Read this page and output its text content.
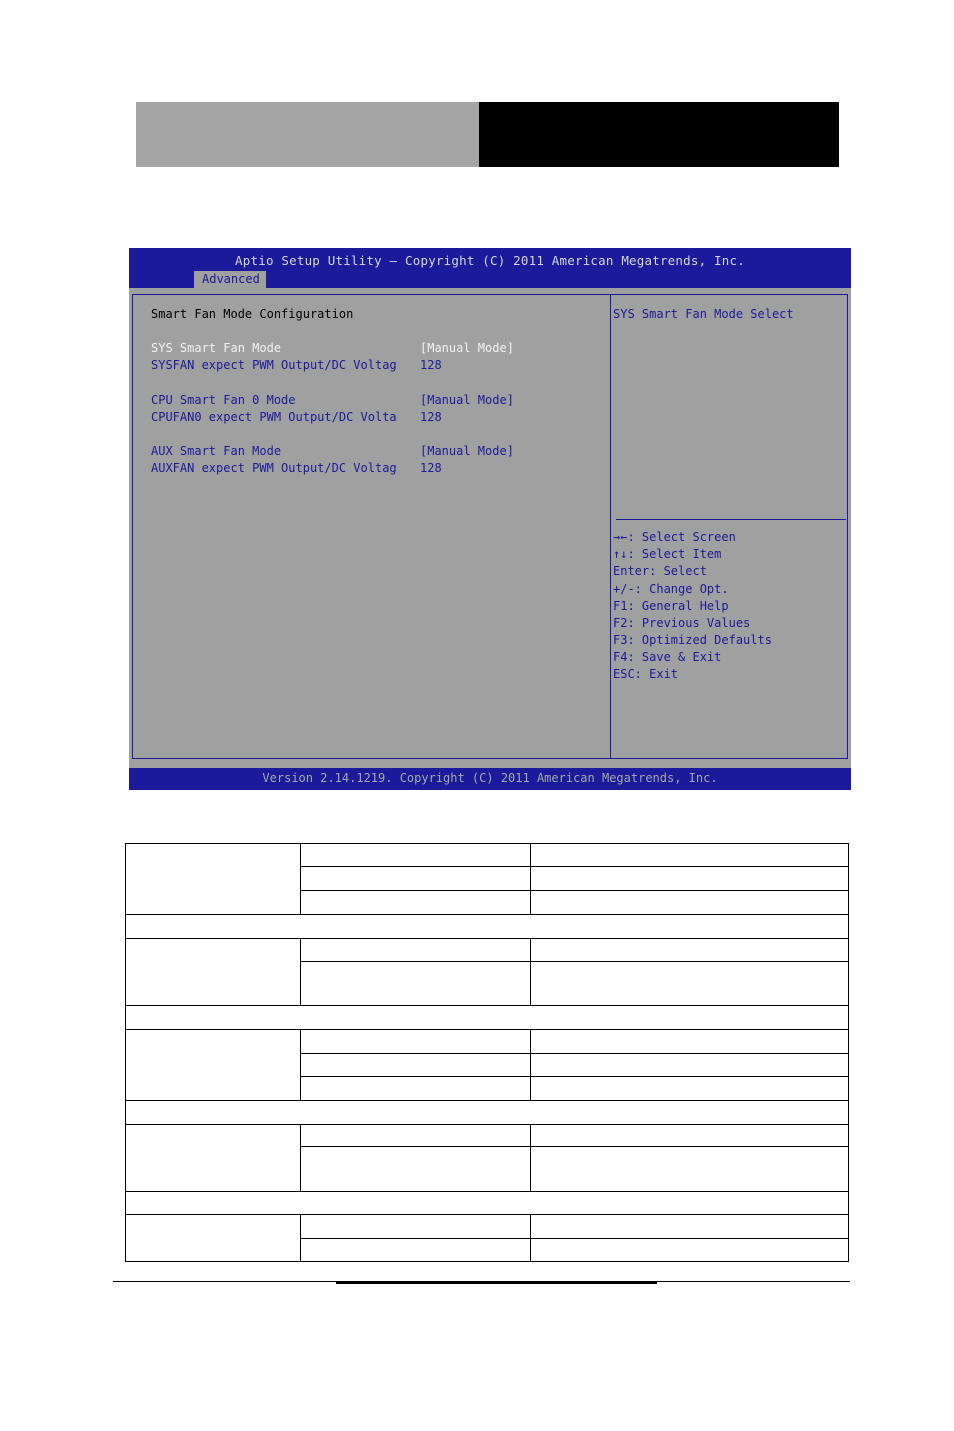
Aptio Setup Utility – Copyright (C) 2011 American Megatrends, Inc.
Advanced
Smart Fan Mode Configuration
SYS Smart Fan Mode	[Manual Mode]
SYSFAN expect PWM Output/DC Voltag 128
CPU Smart Fan 0 Mode	[Manual Mode]
CPUFAN0 expect PWM Output/DC Volta 128
AUX Smart Fan Mode	[Manual Mode]
AUXFAN expect PWM Output/DC Voltag 128
SYS Smart Fan Mode Select
→←: Select Screen
↑↓: Select Item
Enter: Select
+/-: Change Opt.
F1: General Help
F2: Previous Values
F3: Optimized Defaults
F4: Save & Exit
ESC: Exit
Version 2.14.1219. Copyright (C) 2011 American Megatrends, Inc.
